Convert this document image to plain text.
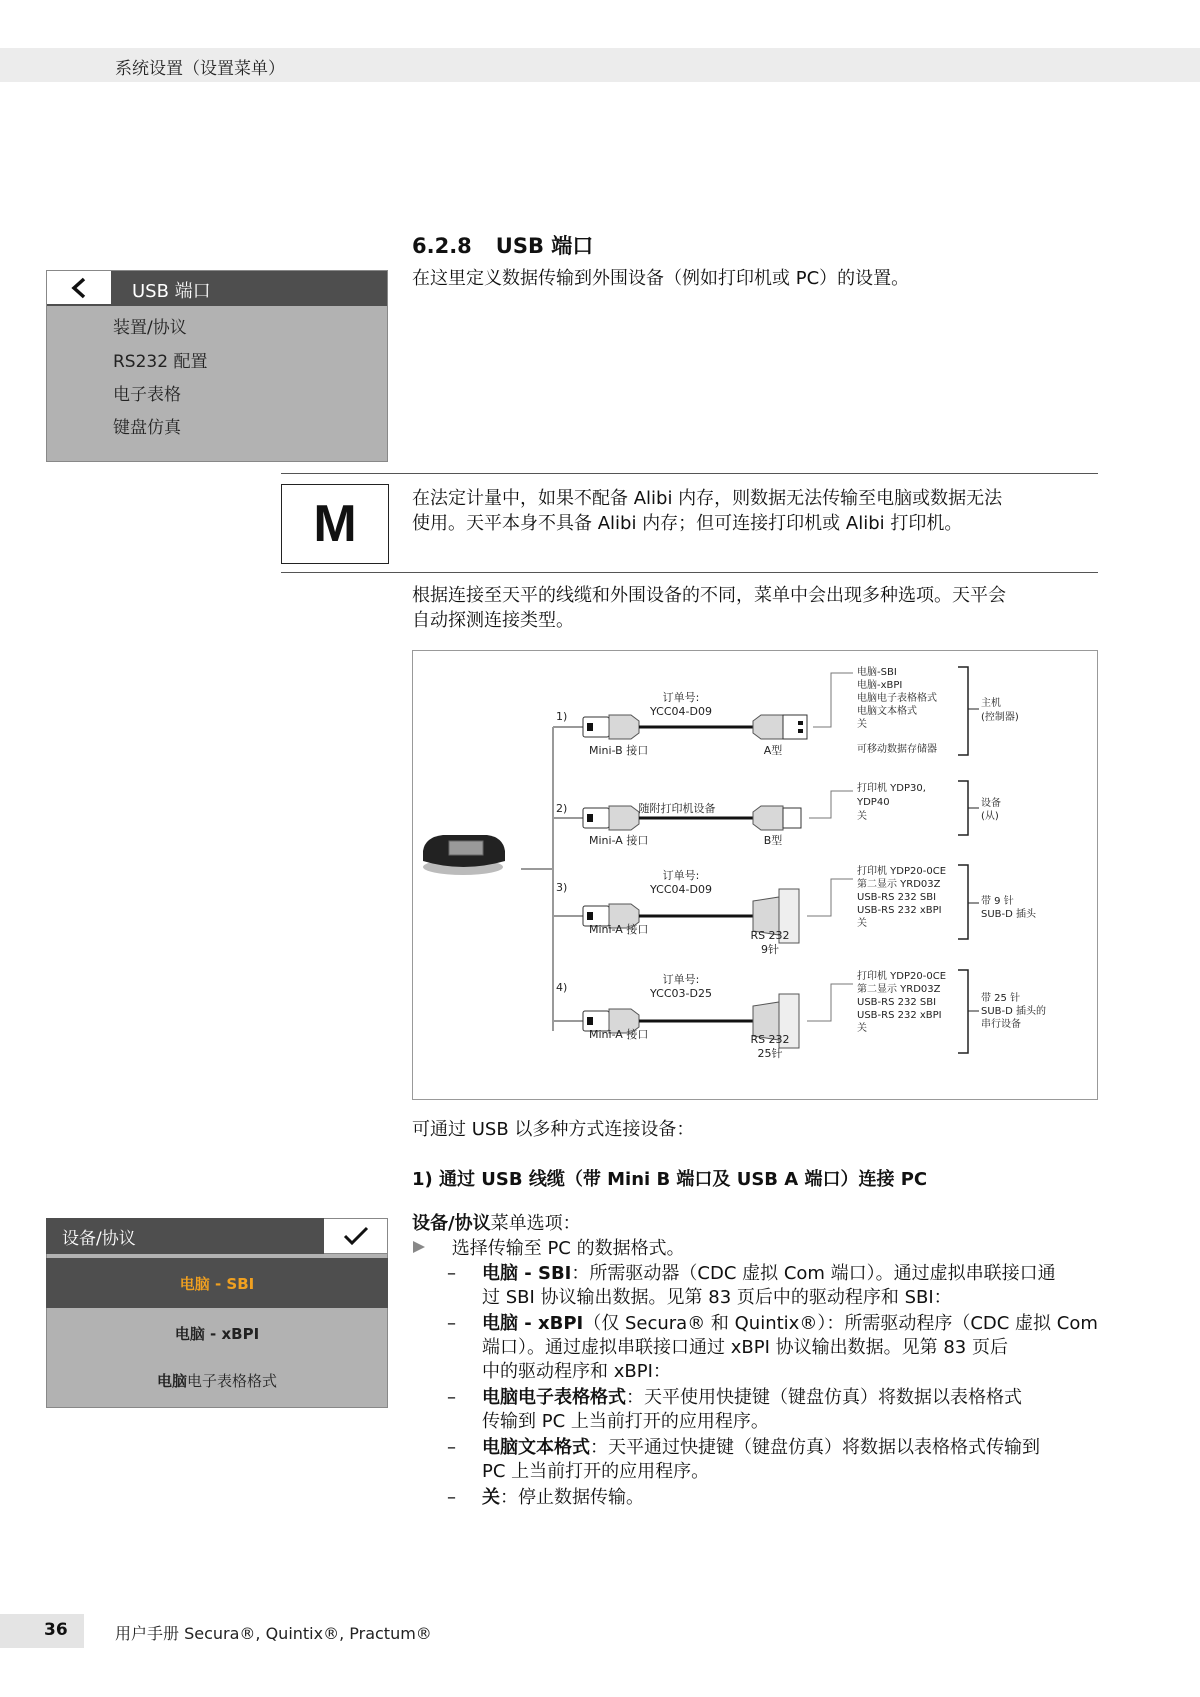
系统设置（设置菜单）
6.2.8 USB 端口
在这里定义数据传输到外围设备（例如打印机或 PC）的设置。
USB 端口
装置/协议
RS232 配置
电子表格
键盘仿真
M	在法定计量中，如果不配备 Alibi 内存，则数据无法传输至电脑或数据无法
使用。天平本身不具备 Alibi 内存；但可连接打印机或 Alibi 打印机。
根据连接至天平的线缆和外围设备的不同，菜单中会出现多种选项。天平会
自动探测连接类型。
1)
Mini-B 接口
订单号:
YCC04-D09
A型
电脑-SBI
电脑-xBPI
电脑电子表格格式
电脑文本格式
关
可移动数据存储器
主机
(控制器)
2)
Mini-A 接口
随附打印机设备
B型
打印机 YDP30,
YDP40
关
设备
(从)
3)
Mini-A 接口
订单号:
YCC04-D09
RS 232
9针
打印机 YDP20-0CE
第二显示 YRD03Z
USB-RS 232 SBI
USB-RS 232 xBPI
关
带 9 针
SUB-D 插头
4)
Mini-A 接口
订单号:
YCC03-D25
RS 232
25针
打印机 YDP20-0CE
第二显示 YRD03Z
USB-RS 232 SBI
USB-RS 232 xBPI
关
带 25 针
SUB-D 插头的
串行设备
可通过 USB 以多种方式连接设备：
1) 通过 USB 线缆（带 Mini B 端口及 USB A 端口）连接 PC
设备/协议
电脑 - SBI
电脑 - xBPI
电脑 电子表格格式
设备/协议菜单选项：
选择传输至 PC 的数据格式。
– 电脑 - SBI：所需驱动器（CDC 虚拟 Com 端口）。通过虚拟串联接口通
过 SBI 协议输出数据。见第 83 页后中的驱动程序和 SBI：
– 电脑 - xBPI（仅 Secura® 和 Quintix®）：所需驱动程序（CDC 虚拟 Com
端口）。通过虚拟串联接口通过 xBPI 协议输出数据。见第 83 页后
中的驱动程序和 xBPI：
– 电脑电子表格格式：天平使用快捷键（键盘仿真）将数据以表格格式
传输到 PC 上当前打开的应用程序。
– 电脑文本格式：天平通过快捷键（键盘仿真）将数据以表格格式传输到
PC 上当前打开的应用程序。
– 关：停止数据传输。
36	用户手册 Secura®, Quintix®, Practum®
